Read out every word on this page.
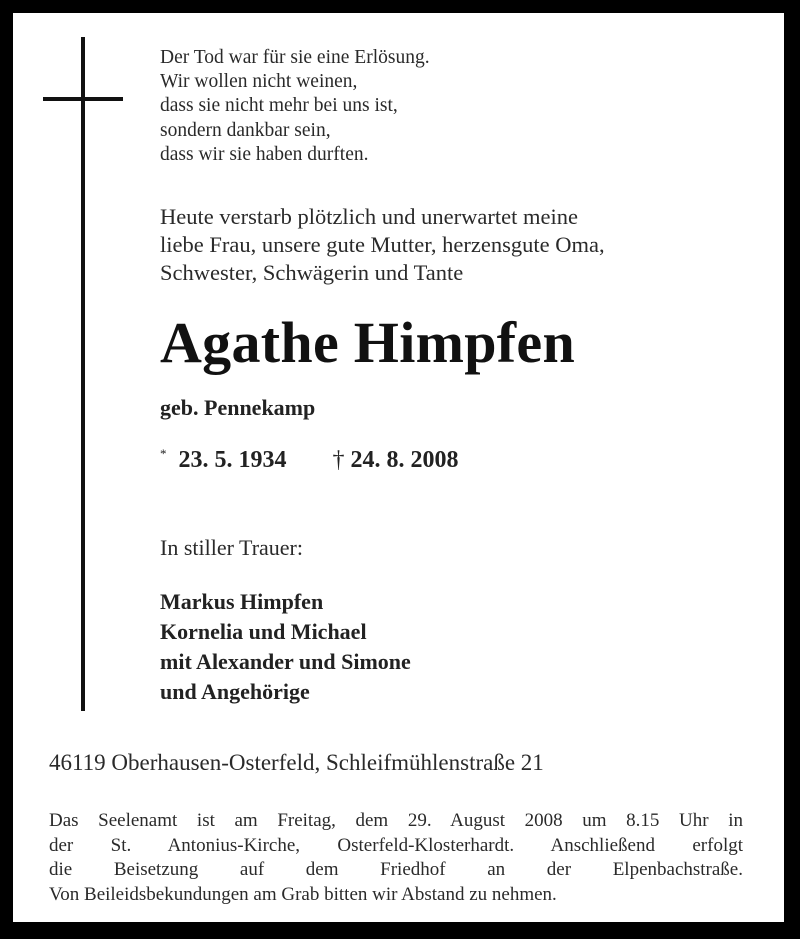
Der Tod war für sie eine Erlösung.
Wir wollen nicht weinen,
dass sie nicht mehr bei uns ist,
sondern dankbar sein,
dass wir sie haben durften.
Heute verstarb plötzlich und unerwartet meine
liebe Frau, unsere gute Mutter, herzensgute Oma,
Schwester, Schwägerin und Tante
Agathe Himpfen
geb. Pennekamp
* 23. 5. 1934 † 24. 8. 2008
In stiller Trauer:
Markus Himpfen
Kornelia und Michael
mit Alexander und Simone
und Angehörige
46119 Oberhausen-Osterfeld, Schleifmühlenstraße 21
Das Seelenamt ist am Freitag, dem 29. August 2008 um 8.15 Uhr in
der St. Antonius-Kirche, Osterfeld-Klosterhardt. Anschließend erfolgt
die Beisetzung auf dem Friedhof an der Elpenbachstraße.
Von Beileidsbekundungen am Grab bitten wir Abstand zu nehmen.
